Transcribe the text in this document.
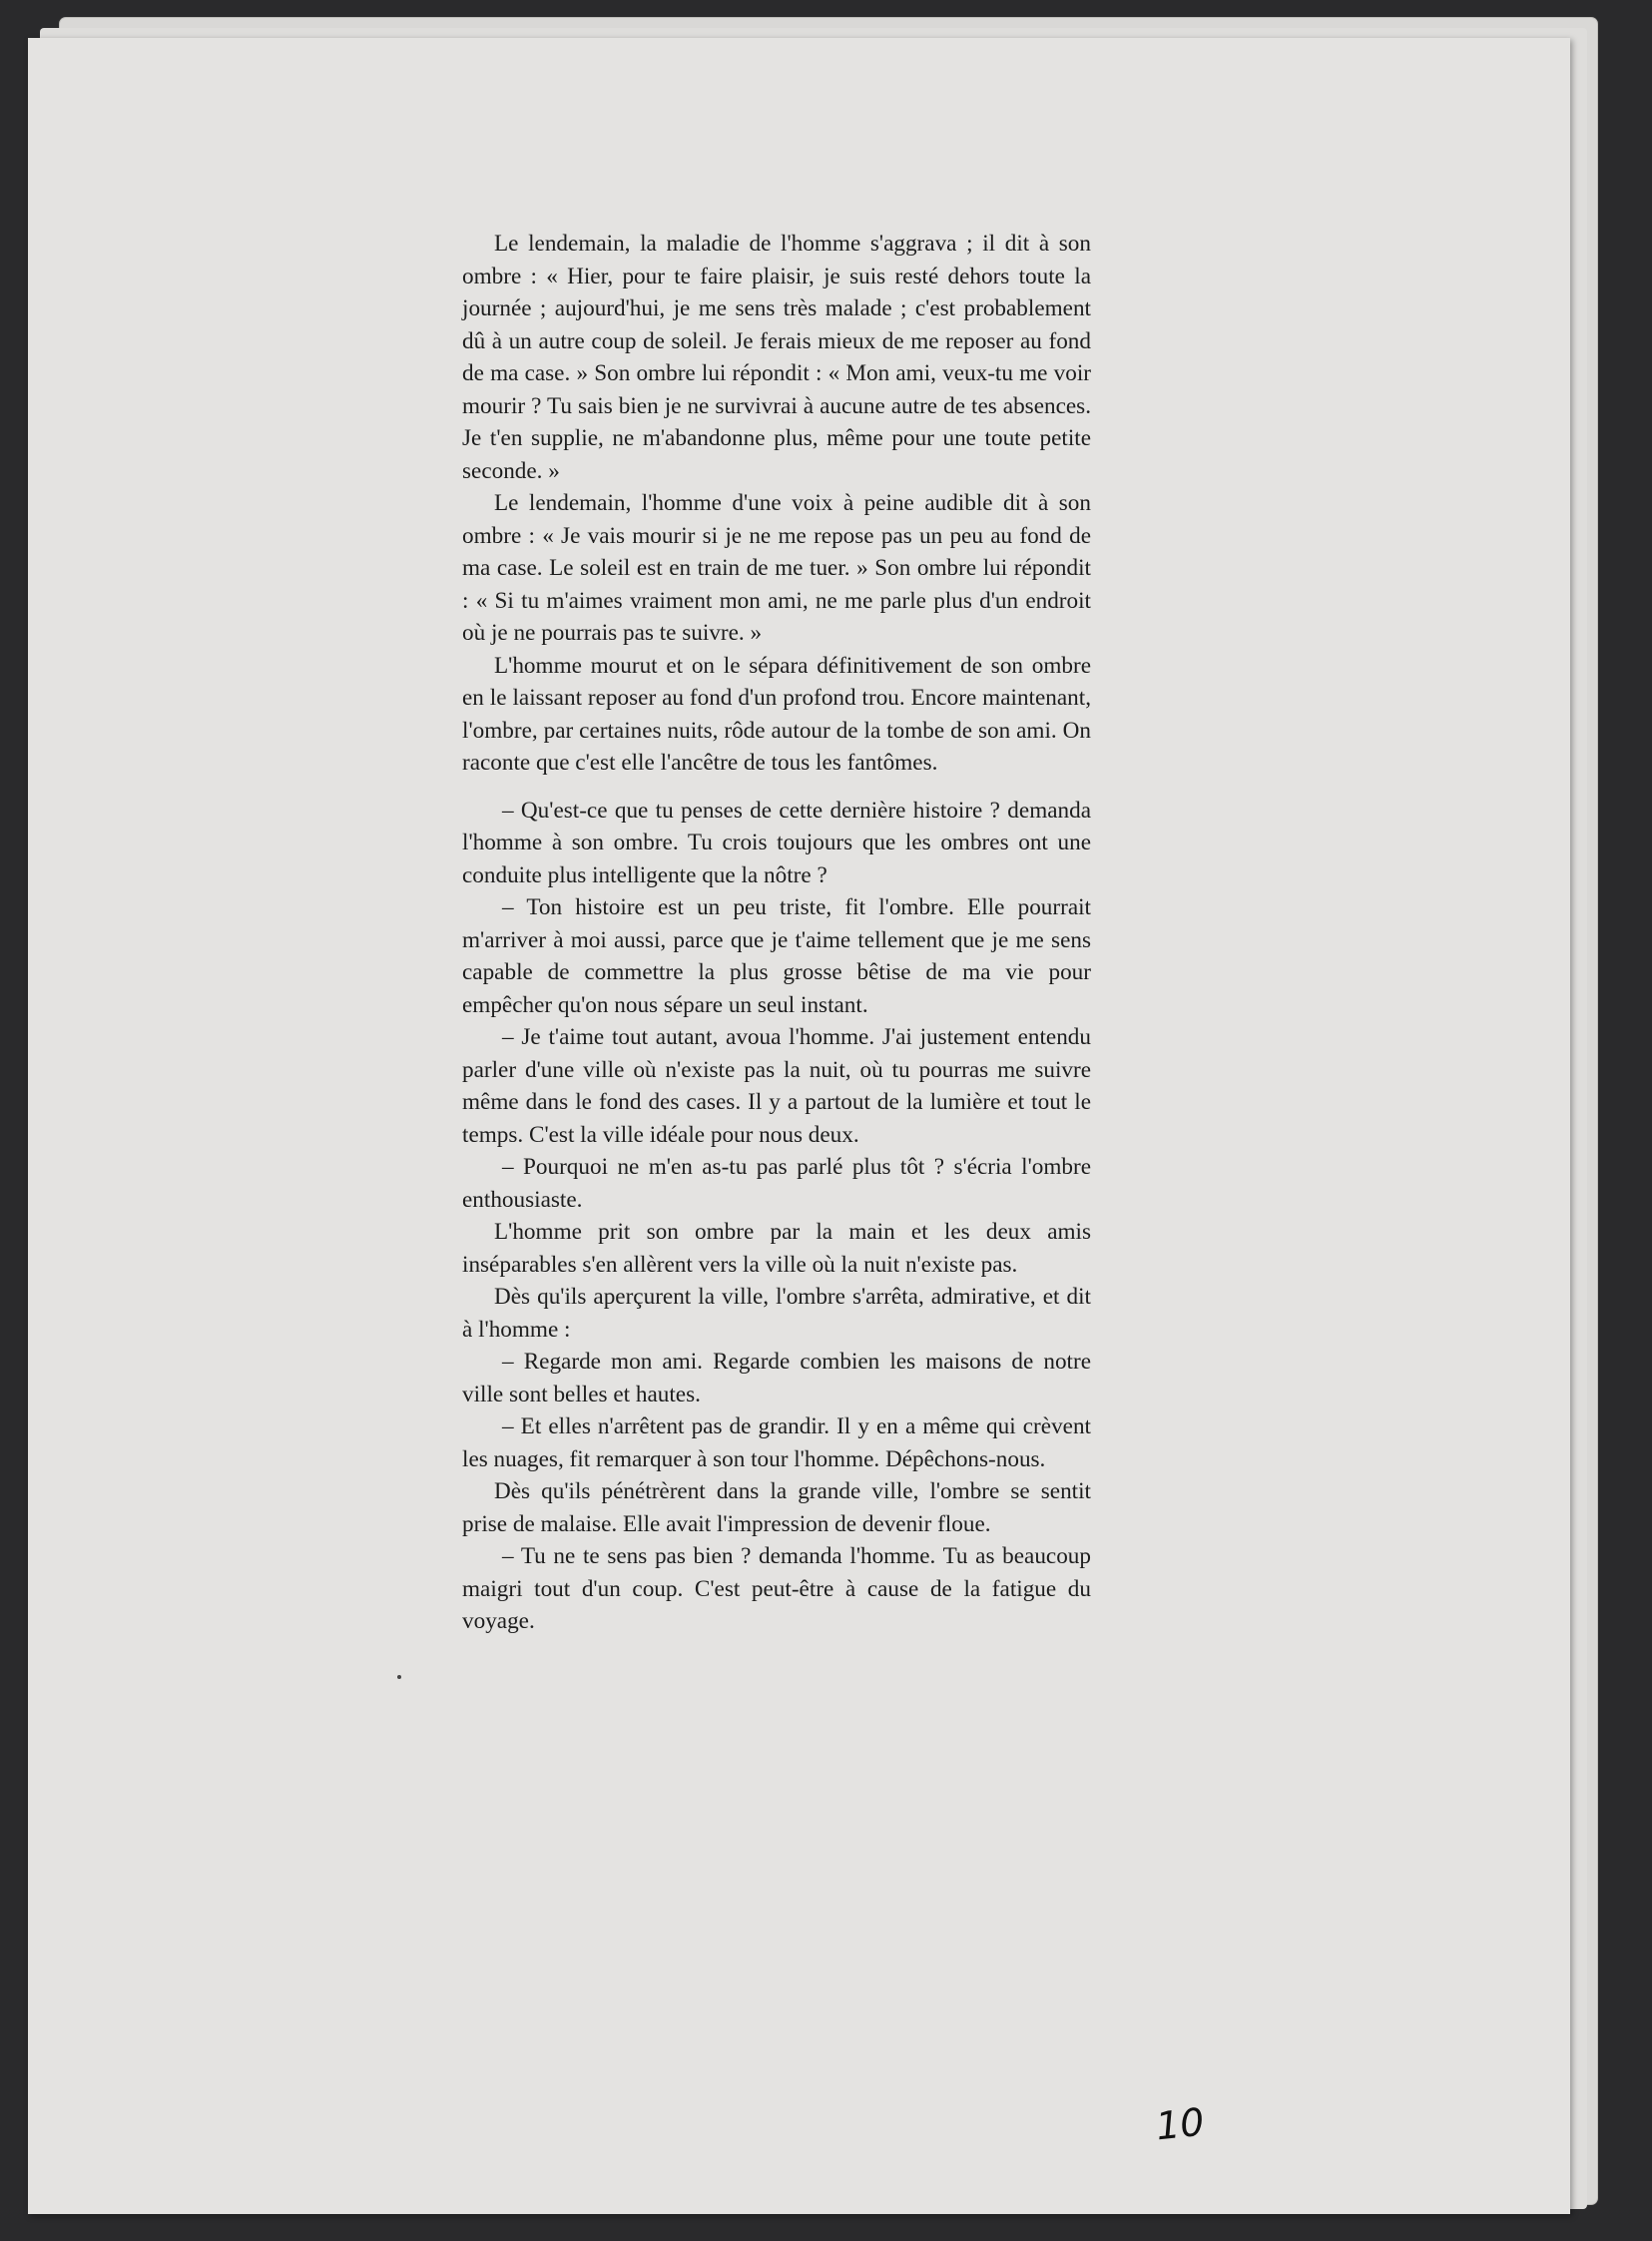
Le lendemain, la maladie de l'homme s'aggrava ; il dit à son ombre : « Hier, pour te faire plaisir, je suis resté dehors toute la journée ; aujourd'hui, je me sens très malade ; c'est probablement dû à un autre coup de soleil. Je ferais mieux de me reposer au fond de ma case. » Son ombre lui répondit : « Mon ami, veux-tu me voir mourir ? Tu sais bien je ne survivrai à aucune autre de tes absences. Je t'en supplie, ne m'abandonne plus, même pour une toute petite seconde. »

Le lendemain, l'homme d'une voix à peine audible dit à son ombre : « Je vais mourir si je ne me repose pas un peu au fond de ma case. Le soleil est en train de me tuer. » Son ombre lui répondit : « Si tu m'aimes vraiment mon ami, ne me parle plus d'un endroit où je ne pourrais pas te suivre. »

L'homme mourut et on le sépara définitivement de son ombre en le laissant reposer au fond d'un profond trou. Encore maintenant, l'ombre, par certaines nuits, rôde autour de la tombe de son ami. On raconte que c'est elle l'ancêtre de tous les fantômes.

– Qu'est-ce que tu penses de cette dernière histoire ? demanda l'homme à son ombre. Tu crois toujours que les ombres ont une conduite plus intelligente que la nôtre ?

– Ton histoire est un peu triste, fit l'ombre. Elle pourrait m'arriver à moi aussi, parce que je t'aime tellement que je me sens capable de commettre la plus grosse bêtise de ma vie pour empêcher qu'on nous sépare un seul instant.

– Je t'aime tout autant, avoua l'homme. J'ai justement entendu parler d'une ville où n'existe pas la nuit, où tu pourras me suivre même dans le fond des cases. Il y a partout de la lumière et tout le temps. C'est la ville idéale pour nous deux.

– Pourquoi ne m'en as-tu pas parlé plus tôt ? s'écria l'ombre enthousiaste.

L'homme prit son ombre par la main et les deux amis inséparables s'en allèrent vers la ville où la nuit n'existe pas.

Dès qu'ils aperçurent la ville, l'ombre s'arrêta, admirative, et dit à l'homme :

– Regarde mon ami. Regarde combien les maisons de notre ville sont belles et hautes.

– Et elles n'arrêtent pas de grandir. Il y en a même qui crèvent les nuages, fit remarquer à son tour l'homme. Dépêchons-nous.

Dès qu'ils pénétrèrent dans la grande ville, l'ombre se sentit prise de malaise. Elle avait l'impression de devenir floue.

– Tu ne te sens pas bien ? demanda l'homme. Tu as beaucoup maigri tout d'un coup. C'est peut-être à cause de la fatigue du voyage.

10
